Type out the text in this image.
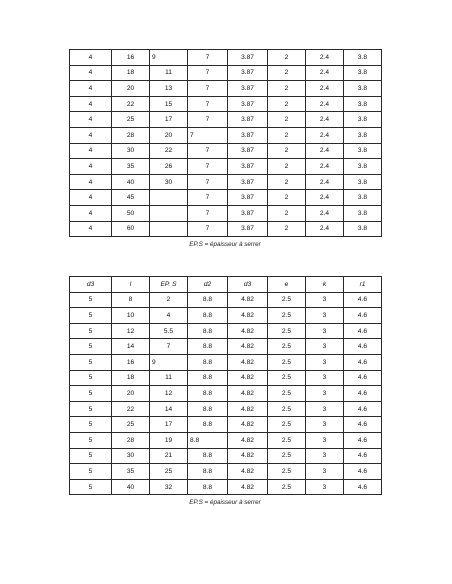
4	16	9	7	3.87	2	2.4	3.8
4	18	11	7	3.87	2	2.4	3.8
4	20	13	7	3.87	2	2.4	3.8
4	22	15	7	3.87	2	2.4	3.8
4	25	17	7	3.87	2	2.4	3.8
4	28	20	7	3.87	2	2.4	3.8
4	30	22	7	3.87	2	2.4	3.8
4	35	26	7	3.87	2	2.4	3.8
4	40	30	7	3.87	2	2.4	3.8
4	45		7	3.87	2	2.4	3.8
4	50		7	3.87	2	2.4	3.8
4	60		7	3.87	2	2.4	3.8
EP.S = épaisseur à serrer
d3	l	EP. S	d2	d3	e	k	r1
5	8	2	8.8	4.82	2.5	3	4.6
5	10	4	8.8	4.82	2.5	3	4.6
5	12	5.5	8.8	4.82	2.5	3	4.6
5	14	7	8.8	4.82	2.5	3	4.6
5	16	9	8.8	4.82	2.5	3	4.6
5	18	11	8.8	4.82	2.5	3	4.6
5	20	12	8.8	4.82	2.5	3	4.6
5	22	14	8.8	4.82	2.5	3	4.6
5	25	17	8.8	4.82	2.5	3	4.6
5	28	19	8.8	4.82	2.5	3	4.6
5	30	21	8.8	4.82	2.5	3	4.6
5	35	25	8.8	4.82	2.5	3	4.6
5	40	32	8.8	4.82	2.5	3	4.6
EP.S = épaisseur à serrer
